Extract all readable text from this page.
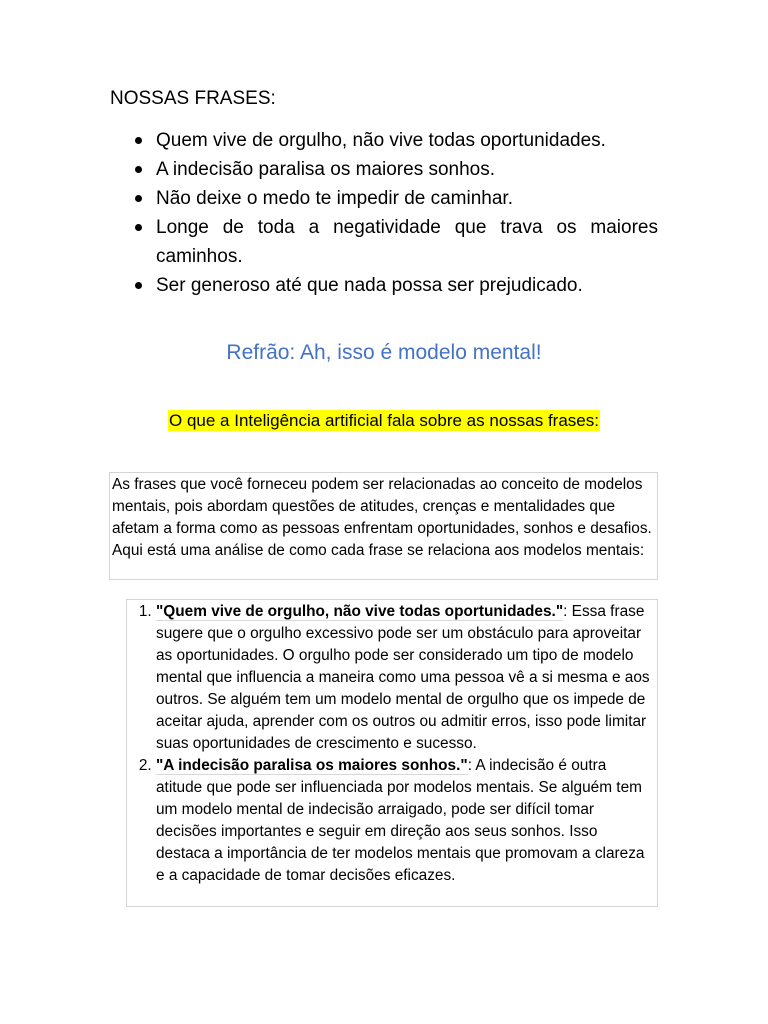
NOSSAS FRASES:
Quem vive de orgulho, não vive todas oportunidades.
A indecisão paralisa os maiores sonhos.
Não deixe o medo te impedir de caminhar.
Longe de toda a negatividade que trava os maiores caminhos.
Ser generoso até que nada possa ser prejudicado.

Refrão: Ah, isso é modelo mental!

O que a Inteligência artificial fala sobre as nossas frases:
As frases que você forneceu podem ser relacionadas ao conceito de modelos mentais, pois abordam questões de atitudes, crenças e mentalidades que afetam a forma como as pessoas enfrentam oportunidades, sonhos e desafios. Aqui está uma análise de como cada frase se relaciona aos modelos mentais:
1. "Quem vive de orgulho, não vive todas oportunidades.": Essa frase sugere que o orgulho excessivo pode ser um obstáculo para aproveitar as oportunidades. O orgulho pode ser considerado um tipo de modelo mental que influencia a maneira como uma pessoa vê a si mesma e aos outros. Se alguém tem um modelo mental de orgulho que os impede de aceitar ajuda, aprender com os outros ou admitir erros, isso pode limitar suas oportunidades de crescimento e sucesso.
2. "A indecisão paralisa os maiores sonhos.": A indecisão é outra atitude que pode ser influenciada por modelos mentais. Se alguém tem um modelo mental de indecisão arraigado, pode ser difícil tomar decisões importantes e seguir em direção aos seus sonhos. Isso destaca a importância de ter modelos mentais que promovam a clareza e a capacidade de tomar decisões eficazes.
